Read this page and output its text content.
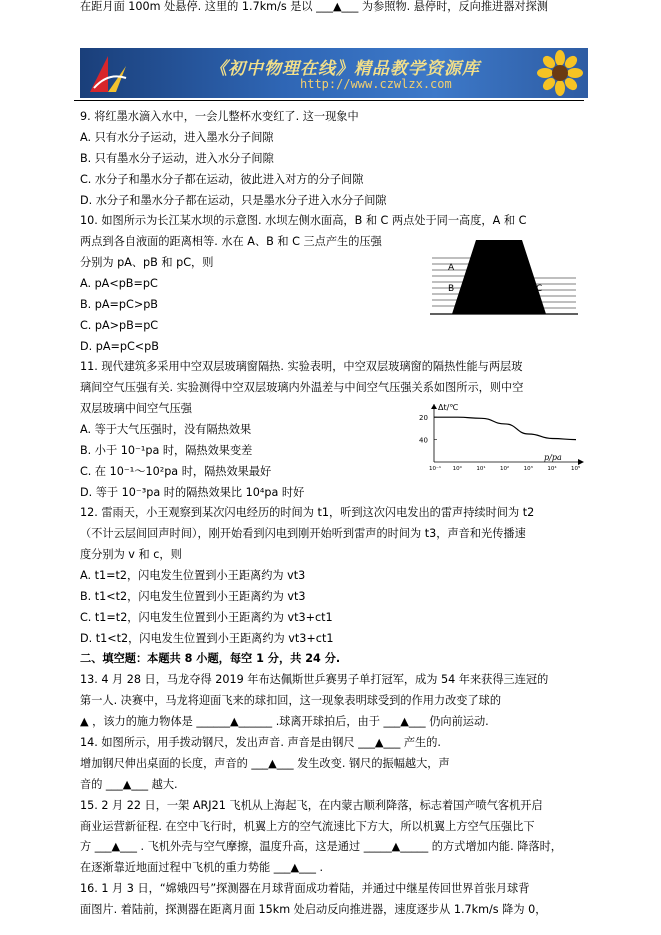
《初中物理在线》精品教学资源库
http://www.czwlzx.com
9. 将红墨水滴入水中，一会儿整杯水变红了. 这一现象中
A. 只有水分子运动，进入墨水分子间隙
B. 只有墨水分子运动，进入水分子间隙
C. 水分子和墨水分子都在运动，彼此进入对方的分子间隙
D. 水分子和墨水分子都在运动，只是墨水分子进入水分子间隙
10. 如图所示为长江某水坝的示意图. 水坝左侧水面高，B 和 C 两点处于同一高度，A 和 C
两点到各自液面的距离相等. 水在 A、B 和 C 三点产生的压强
分别为 pA、pB 和 pC，则
A. pA<pB=pC
B. pA=pC>pB
C. pA>pB=pC
D. pA=pC<pB
11. 现代建筑多采用中空双层玻璃窗隔热. 实验表明，中空双层玻璃窗的隔热性能与两层玻
璃间空气压强有关. 实验测得中空双层玻璃内外温差与中间空气压强关系如图所示，则中空
双层玻璃中间空气压强
A. 等于大气压强时，没有隔热效果
B. 小于 10⁻¹pa 时，隔热效果变差
C. 在 10⁻¹～10²pa 时，隔热效果最好
D. 等于 10⁻³pa 时的隔热效果比 10⁴pa 时好
12. 雷雨天，小王观察到某次闪电经历的时间为 t1，听到这次闪电发出的雷声持续时间为 t2
（不计云层间回声时间），刚开始看到闪电到刚开始听到雷声的时间为 t3，声音和光传播速
度分别为 v 和 c，则
A. t1=t2，闪电发生位置到小王距离约为 vt3
B. t1<t2，闪电发生位置到小王距离约为 vt3
C. t1=t2，闪电发生位置到小王距离约为 vt3+ct1
D. t1<t2，闪电发生位置到小王距离约为 vt3+ct1
二、填空题：本题共 8 小题，每空 1 分，共 24 分.
13. 4 月 28 日，马龙夺得 2019 年布达佩斯世乒赛男子单打冠军，成为 54 年来获得三连冠的
第一人. 决赛中，马龙将迎面飞来的球扣回，这一现象表明球受到的作用力改变了球的
▲ ，该力的施力物体是 ______▲______ .球离开球拍后，由于 ___▲___ 仍向前运动.
14. 如图所示，用手拨动钢尺，发出声音. 声音是由钢尺 ___▲___ 产生的.
增加钢尺伸出桌面的长度，声音的 ___▲___ 发生改变. 钢尺的振幅越大，声
音的 ___▲___ 越大.
15. 2 月 22 日，一架 ARJ21 飞机从上海起飞，在内蒙古顺利降落，标志着国产喷气客机开启
商业运营新征程. 在空中飞行时，机翼上方的空气流速比下方大，所以机翼上方空气压强比下
方 ___▲___ . 飞机外壳与空气摩擦，温度升高，这是通过 _____▲_____ 的方式增加内能. 降落时，
在逐渐靠近地面过程中飞机的重力势能 ___▲___ .
16. 1 月 3 日，“嫦娥四号”探测器在月球背面成功着陆，并通过中继星传回世界首张月球背
面图片. 着陆前，探测器在距离月面 15km 处启动反向推进器，速度逐步从 1.7km/s 降为 0，
在距月面 100m 处悬停. 这里的 1.7km/s 是以 ___▲___ 为参照物. 悬停时，反向推进器对探测
A
B	C
Δt/℃
p/pa
40
20
10⁻¹ 10⁰	10¹	10²	10³	10⁴	10⁵
